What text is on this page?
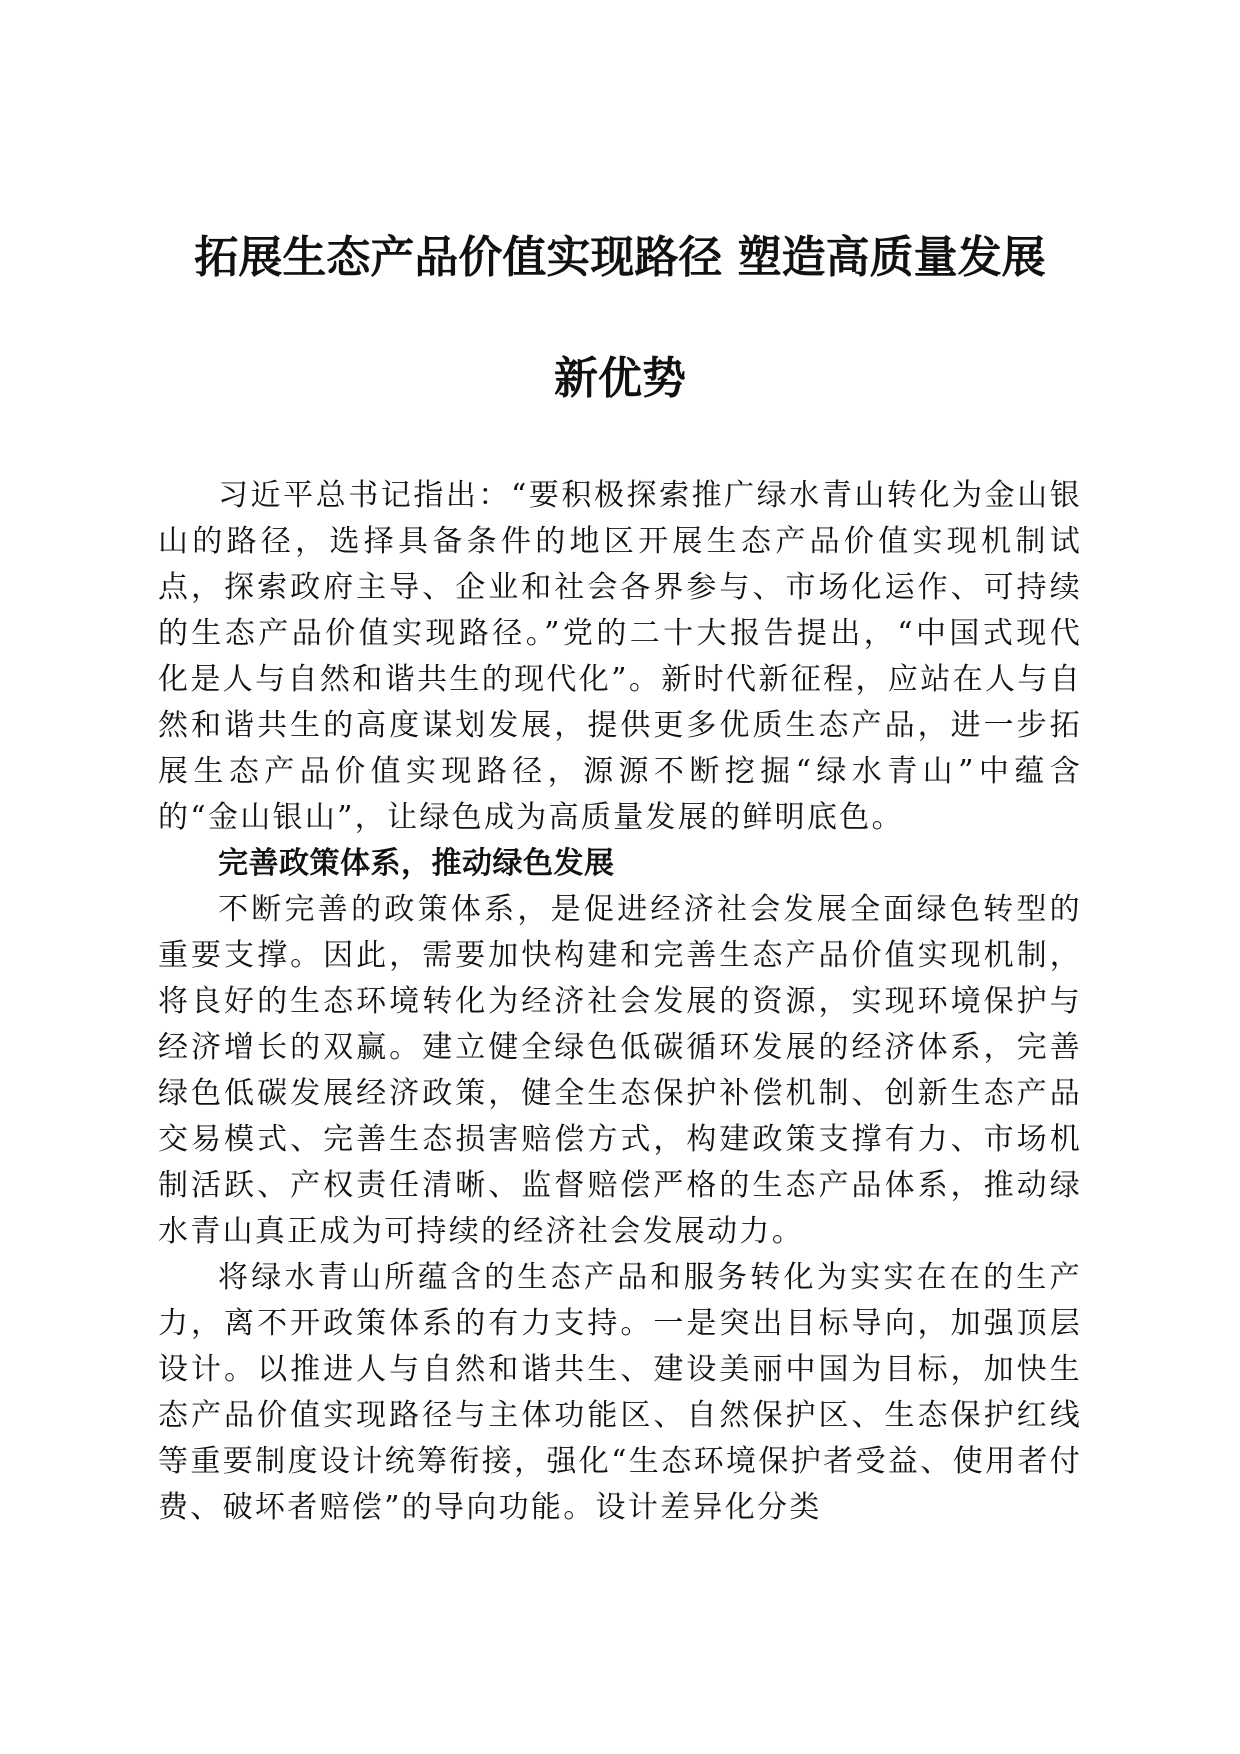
拓展生态产品价值实现路径 塑造高质量发展
新优势

习近平总书记指出：“要积极探索推广绿水青山转化为金山银山的路径，选择具备条件的地区开展生态产品价值实现机制试点，探索政府主导、企业和社会各界参与、市场化运作、可持续的生态产品价值实现路径。”党的二十大报告提出，“中国式现代化是人与自然和谐共生的现代化”。新时代新征程，应站在人与自然和谐共生的高度谋划发展，提供更多优质生态产品，进一步拓展生态产品价值实现路径，源源不断挖掘“绿水青山”中蕴含的“金山银山”，让绿色成为高质量发展的鲜明底色。

完善政策体系，推动绿色发展

不断完善的政策体系，是促进经济社会发展全面绿色转型的重要支撑。因此，需要加快构建和完善生态产品价值实现机制，将良好的生态环境转化为经济社会发展的资源，实现环境保护与经济增长的双赢。建立健全绿色低碳循环发展的经济体系，完善绿色低碳发展经济政策，健全生态保护补偿机制、创新生态产品交易模式、完善生态损害赔偿方式，构建政策支撑有力、市场机制活跃、产权责任清晰、监督赔偿严格的生态产品体系，推动绿水青山真正成为可持续的经济社会发展动力。

将绿水青山所蕴含的生态产品和服务转化为实实在在的生产力，离不开政策体系的有力支持。一是突出目标导向，加强顶层设计。以推进人与自然和谐共生、建设美丽中国为目标，加快生态产品价值实现路径与主体功能区、自然保护区、生态保护红线等重要制度设计统筹衔接，强化“生态环境保护者受益、使用者付费、破坏者赔偿”的导向功能。设计差异化分类
